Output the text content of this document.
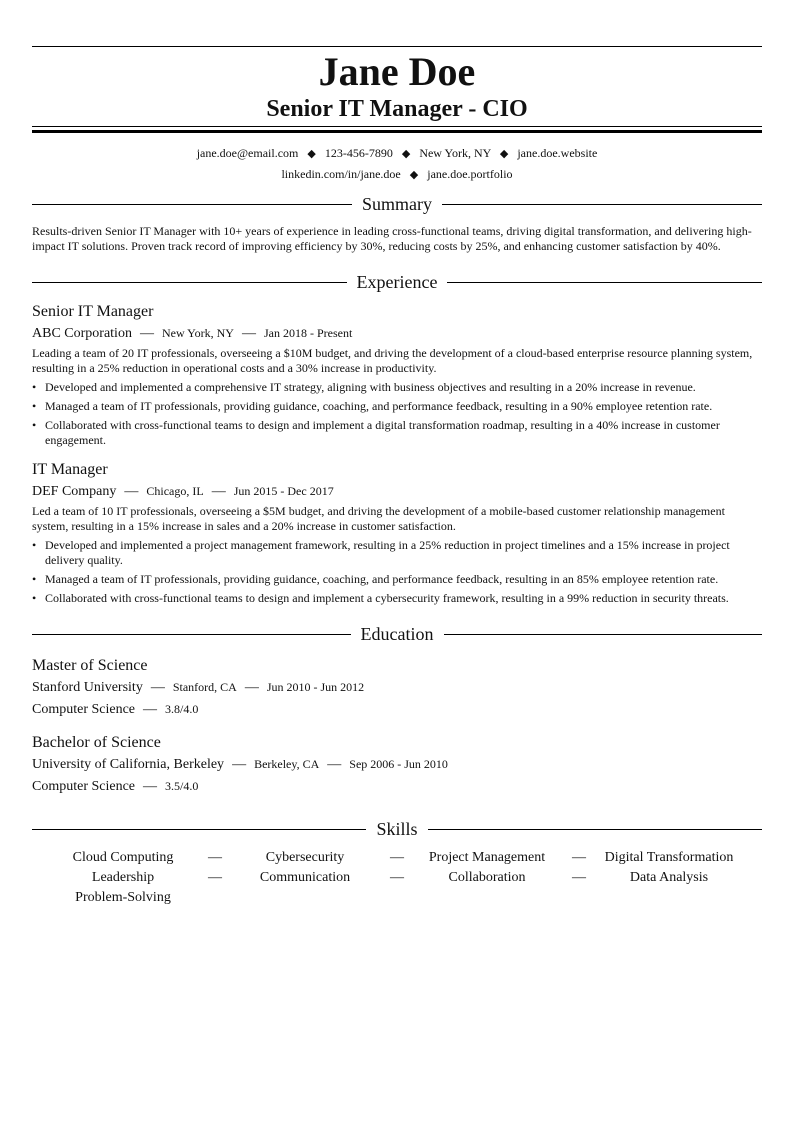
Jane Doe
Senior IT Manager - CIO
jane.doe@email.com ◆ 123-456-7890 ◆ New York, NY ◆ jane.doe.website
linkedin.com/in/jane.doe ◆ jane.doe.portfolio
Summary
Results-driven Senior IT Manager with 10+ years of experience in leading cross-functional teams, driving digital transformation, and delivering high-impact IT solutions. Proven track record of improving efficiency by 30%, reducing costs by 25%, and enhancing customer satisfaction by 40%.
Experience
Senior IT Manager
ABC Corporation — New York, NY — Jan 2018 - Present
Leading a team of 20 IT professionals, overseeing a $10M budget, and driving the development of a cloud-based enterprise resource planning system, resulting in a 25% reduction in operational costs and a 30% increase in productivity.
• Developed and implemented a comprehensive IT strategy, aligning with business objectives and resulting in a 20% increase in revenue.
• Managed a team of IT professionals, providing guidance, coaching, and performance feedback, resulting in a 90% employee retention rate.
• Collaborated with cross-functional teams to design and implement a digital transformation roadmap, resulting in a 40% increase in customer engagement.
IT Manager
DEF Company — Chicago, IL — Jun 2015 - Dec 2017
Led a team of 10 IT professionals, overseeing a $5M budget, and driving the development of a mobile-based customer relationship management system, resulting in a 15% increase in sales and a 20% increase in customer satisfaction.
• Developed and implemented a project management framework, resulting in a 25% reduction in project timelines and a 15% increase in project delivery quality.
• Managed a team of IT professionals, providing guidance, coaching, and performance feedback, resulting in an 85% employee retention rate.
• Collaborated with cross-functional teams to design and implement a cybersecurity framework, resulting in a 99% reduction in security threats.
Education
Master of Science
Stanford University — Stanford, CA — Jun 2010 - Jun 2012
Computer Science — 3.8/4.0
Bachelor of Science
University of California, Berkeley — Berkeley, CA — Sep 2006 - Jun 2010
Computer Science — 3.5/4.0
Skills
Cloud Computing —	Cybersecurity	—	Project Management —	Digital Transformation
Leadership	—	Communication	—	Collaboration	—	Data Analysis
Problem-Solving
